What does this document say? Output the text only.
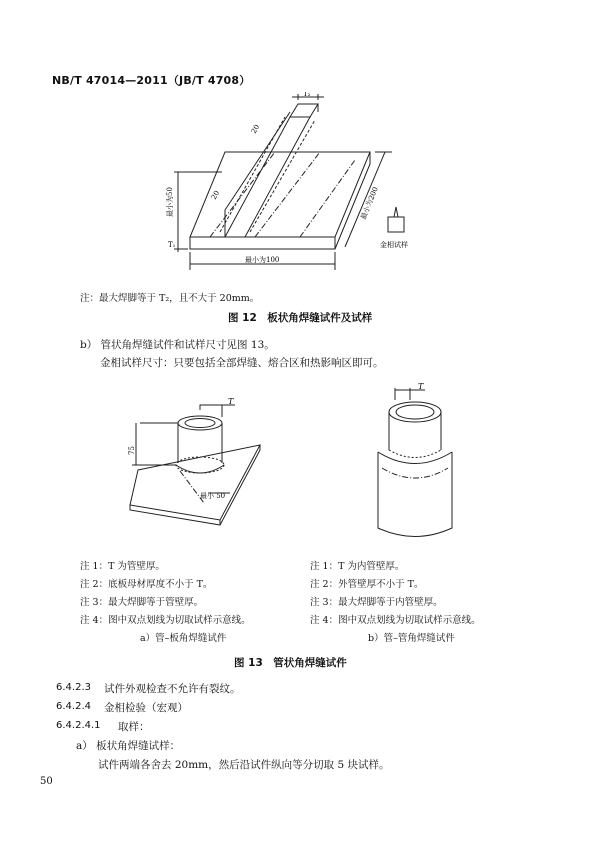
NB/T 47014—2011（JB/T 4708）
T₂
20
20
最小为50
T₁
最小为200
最小为100
金相试样
注：最大焊脚等于 T₂，且不大于 20mm。
图 12　板状角焊缝试件及试样
b） 管状角焊缝试件和试样尺寸见图 13。
金相试样尺寸：只要包括全部焊缝、熔合区和热影响区即可。
75
T
最小 50
T
注 1：T 为管壁厚。
注 2：底板母材厚度不小于 T。
注 3：最大焊脚等于管壁厚。
注 4：图中双点划线为切取试样示意线。
a）管–板角焊缝试件
注 1：T 为内管壁厚。
注 2：外管壁厚不小于 T。
注 3：最大焊脚等于内管壁厚。
注 4：图中双点划线为切取试样示意线。
b）管–管角焊缝试件
图 13　管状角焊缝试件
6.4.2.3 试件外观检查不允许有裂纹。
6.4.2.4 金相检验（宏观）
6.4.2.4.1 取样：
a） 板状角焊缝试样：
试件两端各舍去 20mm，然后沿试件纵向等分切取 5 块试样。
50
